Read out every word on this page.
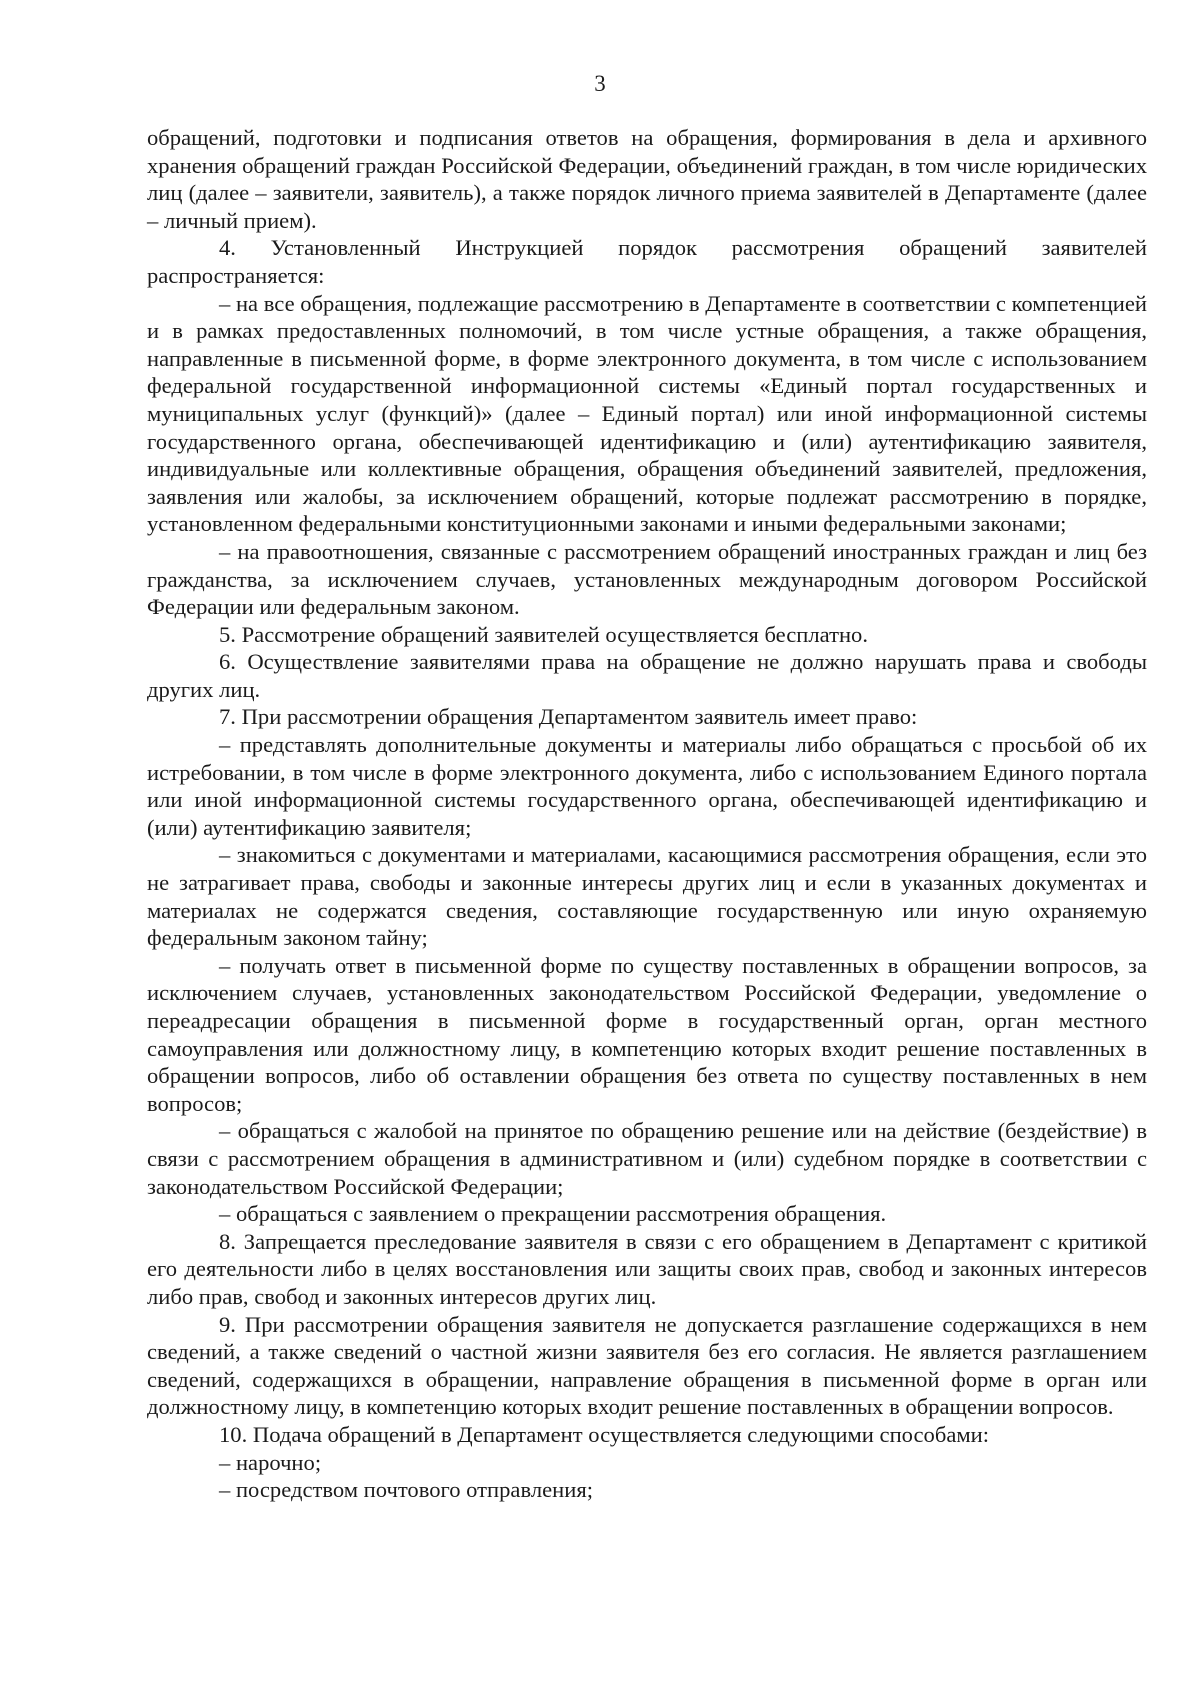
3

обращений, подготовки и подписания ответов на обращения, формирования в дела и архивного хранения обращений граждан Российской Федерации, объединений граждан, в том числе юридических лиц (далее – заявители, заявитель), а также порядок личного приема заявителей в Департаменте (далее – личный прием).

4. Установленный Инструкцией порядок рассмотрения обращений заявителей распространяется:

– на все обращения, подлежащие рассмотрению в Департаменте в соответствии с компетенцией и в рамках предоставленных полномочий, в том числе устные обращения, а также обращения, направленные в письменной форме, в форме электронного документа, в том числе с использованием федеральной государственной информационной системы «Единый портал государственных и муниципальных услуг (функций)» (далее – Единый портал) или иной информационной системы государственного органа, обеспечивающей идентификацию и (или) аутентификацию заявителя, индивидуальные или коллективные обращения, обращения объединений заявителей, предложения, заявления или жалобы, за исключением обращений, которые подлежат рассмотрению в порядке, установленном федеральными конституционными законами и иными федеральными законами;

– на правоотношения, связанные с рассмотрением обращений иностранных граждан и лиц без гражданства, за исключением случаев, установленных международным договором Российской Федерации или федеральным законом.

5. Рассмотрение обращений заявителей осуществляется бесплатно.

6. Осуществление заявителями права на обращение не должно нарушать права и свободы других лиц.

7. При рассмотрении обращения Департаментом заявитель имеет право:

– представлять дополнительные документы и материалы либо обращаться с просьбой об их истребовании, в том числе в форме электронного документа, либо с использованием Единого портала или иной информационной системы государственного органа, обеспечивающей идентификацию и (или) аутентификацию заявителя;

– знакомиться с документами и материалами, касающимися рассмотрения обращения, если это не затрагивает права, свободы и законные интересы других лиц и если в указанных документах и материалах не содержатся сведения, составляющие государственную или иную охраняемую федеральным законом тайну;

– получать ответ в письменной форме по существу поставленных в обращении вопросов, за исключением случаев, установленных законодательством Российской Федерации, уведомление о переадресации обращения в письменной форме в государственный орган, орган местного самоуправления или должностному лицу, в компетенцию которых входит решение поставленных в обращении вопросов, либо об оставлении обращения без ответа по существу поставленных в нем вопросов;

– обращаться с жалобой на принятое по обращению решение или на действие (бездействие) в связи с рассмотрением обращения в административном и (или) судебном порядке в соответствии с законодательством Российской Федерации;

– обращаться с заявлением о прекращении рассмотрения обращения.

8. Запрещается преследование заявителя в связи с его обращением в Департамент с критикой его деятельности либо в целях восстановления или защиты своих прав, свобод и законных интересов либо прав, свобод и законных интересов других лиц.

9. При рассмотрении обращения заявителя не допускается разглашение содержащихся в нем сведений, а также сведений о частной жизни заявителя без его согласия. Не является разглашением сведений, содержащихся в обращении, направление обращения в письменной форме в орган или должностному лицу, в компетенцию которых входит решение поставленных в обращении вопросов.

10. Подача обращений в Департамент осуществляется следующими способами:

– нарочно;

– посредством почтового отправления;
